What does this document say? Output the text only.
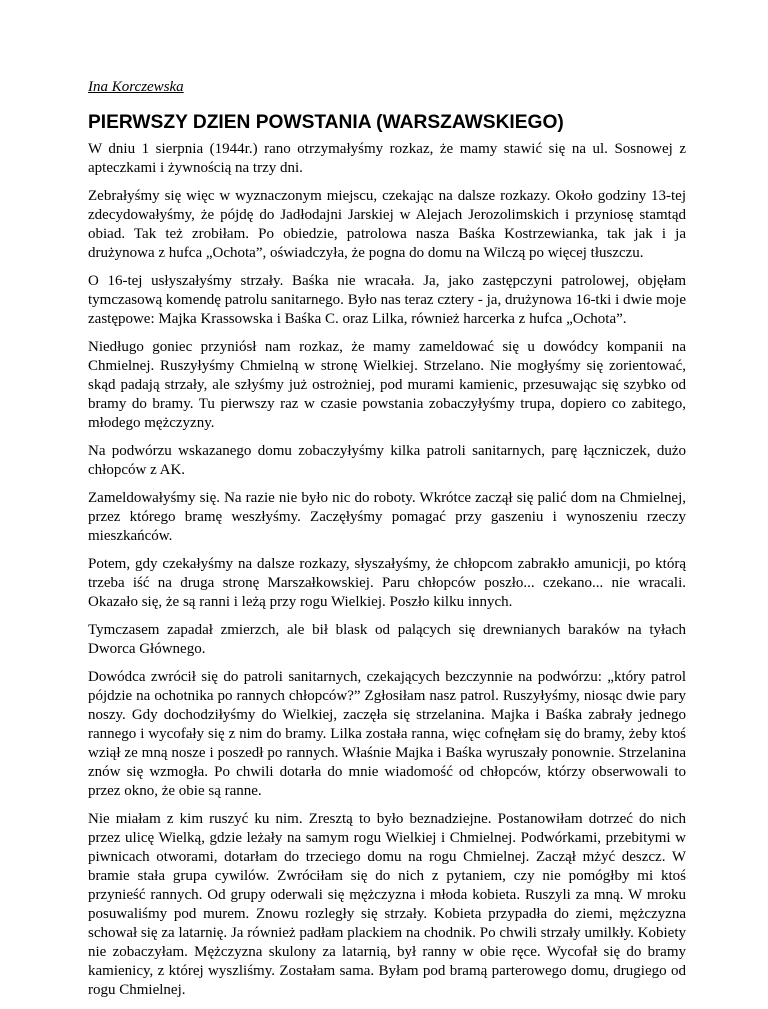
Ina Korczewska
PIERWSZY DZIEN POWSTANIA (WARSZAWSKIEGO)

W dniu 1 sierpnia (1944r.) rano otrzymałyśmy rozkaz, że mamy stawić się na ul. Sosnowej z apteczkami i żywnością na trzy dni.

Zebrałyśmy się więc w wyznaczonym miejscu, czekając na dalsze rozkazy. Około godziny 13-tej zdecydowałyśmy, że pójdę do Jadłodajni Jarskiej w Alejach Jerozolimskich i przyniosę stamtąd obiad. Tak też zrobiłam. Po obiedzie, patrolowa nasza Baśka Kostrzewianka, tak jak i ja drużynowa z hufca „Ochota”, oświadczyła, że pogna do domu na Wilczą po więcej tłuszczu.

O 16-tej usłyszałyśmy strzały. Baśka nie wracała. Ja, jako zastępczyni patrolowej, objęłam tymczasową komendę patrolu sanitarnego. Było nas teraz cztery - ja, drużynowa 16-tki i dwie moje zastępowe: Majka Krassowska i Baśka C. oraz Lilka, również harcerka z hufca „Ochota”.

Niedługo goniec przyniósł nam rozkaz, że mamy zameldować się u dowódcy kompanii na Chmielnej. Ruszyłyśmy Chmielną w stronę Wielkiej. Strzelano. Nie mogłyśmy się zorientować, skąd padają strzały, ale szłyśmy już ostrożniej, pod murami kamienic, przesuwając się szybko od bramy do bramy. Tu pierwszy raz w czasie powstania zobaczyłyśmy trupa, dopiero co zabitego, młodego mężczyzny.

Na podwórzu wskazanego domu zobaczyłyśmy kilka patroli sanitarnych, parę łączniczek, dużo chłopców z AK.

Zameldowałyśmy się. Na razie nie było nic do roboty. Wkrótce zaczął się palić dom na Chmielnej, przez którego bramę weszłyśmy. Zaczęłyśmy pomagać przy gaszeniu i wynoszeniu rzeczy mieszkańców.

Potem, gdy czekałyśmy na dalsze rozkazy, słyszałyśmy, że chłopcom zabrakło amunicji, po którą trzeba iść na druga stronę Marszałkowskiej. Paru chłopców poszło... czekano... nie wracali. Okazało się, że są ranni i leżą przy rogu Wielkiej. Poszło kilku innych.

Tymczasem zapadał zmierzch, ale bił blask od palących się drewnianych baraków na tyłach Dworca Głównego.

Dowódca zwrócił się do patroli sanitarnych, czekających bezczynnie na podwórzu: „który patrol pójdzie na ochotnika po rannych chłopców?” Zgłosiłam nasz patrol. Ruszyłyśmy, niosąc dwie pary noszy. Gdy dochodziłyśmy do Wielkiej, zaczęła się strzelanina. Majka i Baśka zabrały jednego rannego i wycofały się z nim do bramy. Lilka została ranna, więc cofnęłam się do bramy, żeby ktoś wziął ze mną nosze i poszedł po rannych. Właśnie Majka i Baśka wyruszały ponownie. Strzelanina znów się wzmogła. Po chwili dotarła do mnie wiadomość od chłopców, którzy obserwowali to przez okno, że obie są ranne.

Nie miałam z kim ruszyć ku nim. Zresztą to było beznadziejne. Postanowiłam dotrzeć do nich przez ulicę Wielką, gdzie leżały na samym rogu Wielkiej i Chmielnej. Podwórkami, przebitymi w piwnicach otworami, dotarłam do trzeciego domu na rogu Chmielnej. Zaczął mżyć deszcz. W bramie stała grupa cywilów. Zwróciłam się do nich z pytaniem, czy nie pomógłby mi ktoś przynieść rannych. Od grupy oderwali się mężczyzna i młoda kobieta. Ruszyli za mną. W mroku posuwaliśmy pod murem. Znowu rozległy się strzały. Kobieta przypadła do ziemi, mężczyzna schował się za latarnię. Ja również padłam plackiem na chodnik. Po chwili strzały umilkły. Kobiety nie zobaczyłam. Mężczyzna skulony za latarnią, był ranny w obie ręce. Wycofał się do bramy kamienicy, z której wyszliśmy. Zostałam sama. Byłam pod bramą parterowego domu, drugiego od rogu Chmielnej.
